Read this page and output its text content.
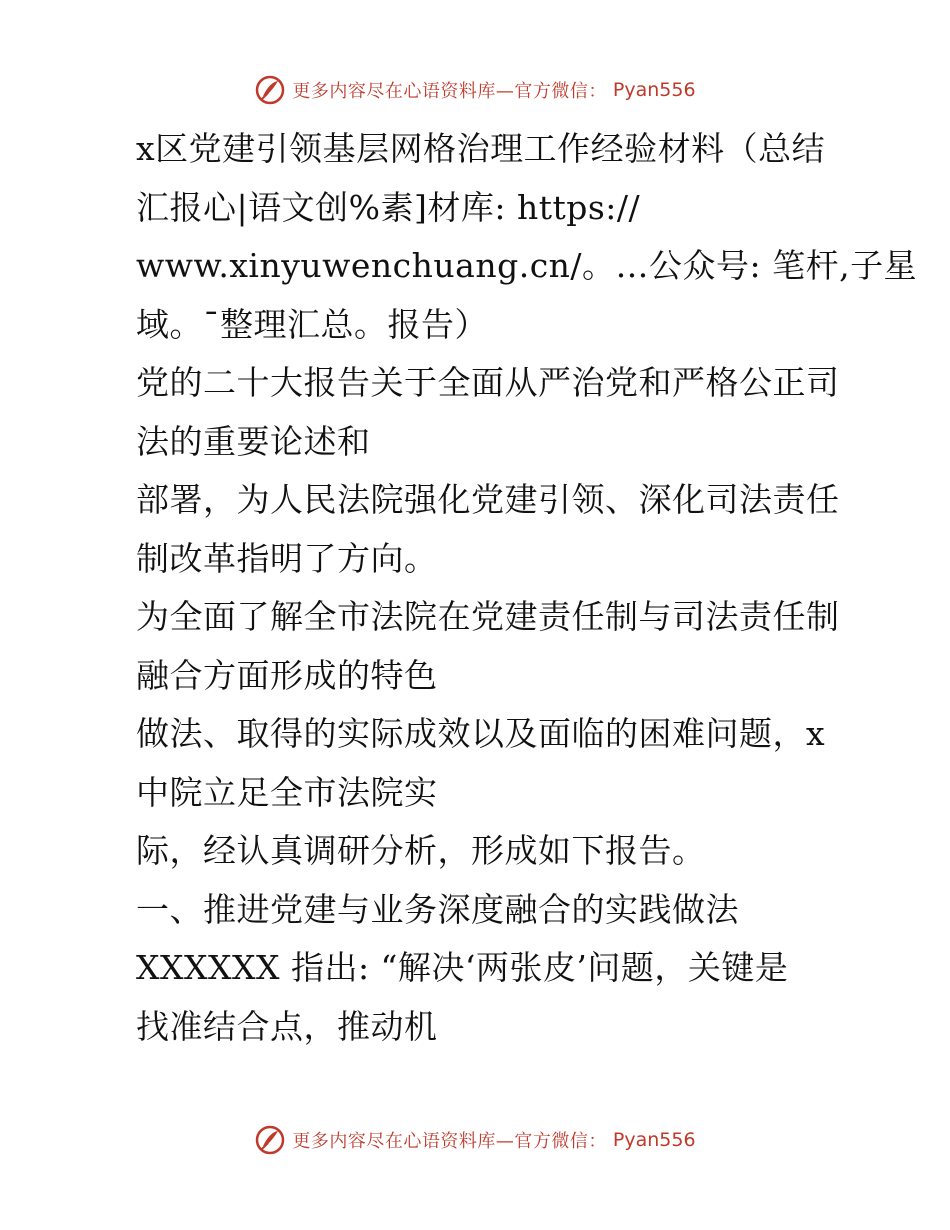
更多内容尽在心语资料库—官方微信： Pyan556

x区党建引领基层网格治理工作经验材料（总结
汇报心|语文创%素]材库: https://
www.xinyuwenchuang.cn/。…公众号: 笔杆,子星
域。¯整理汇总。报告）

党的二十大报告关于全面从严治党和严格公正司
法的重要论述和

部署，为人民法院强化党建引领、深化司法责任
制改革指明了方向。

为全面了解全市法院在党建责任制与司法责任制
融合方面形成的特色

做法、取得的实际成效以及面临的困难问题，x
中院立足全市法院实

际，经认真调研分析，形成如下报告。

一、推进党建与业务深度融合的实践做法

XXXXXX 指出: “解决‘两张皮’问题，关键是
找准结合点，推动机

更多内容尽在心语资料库—官方微信： Pyan556
